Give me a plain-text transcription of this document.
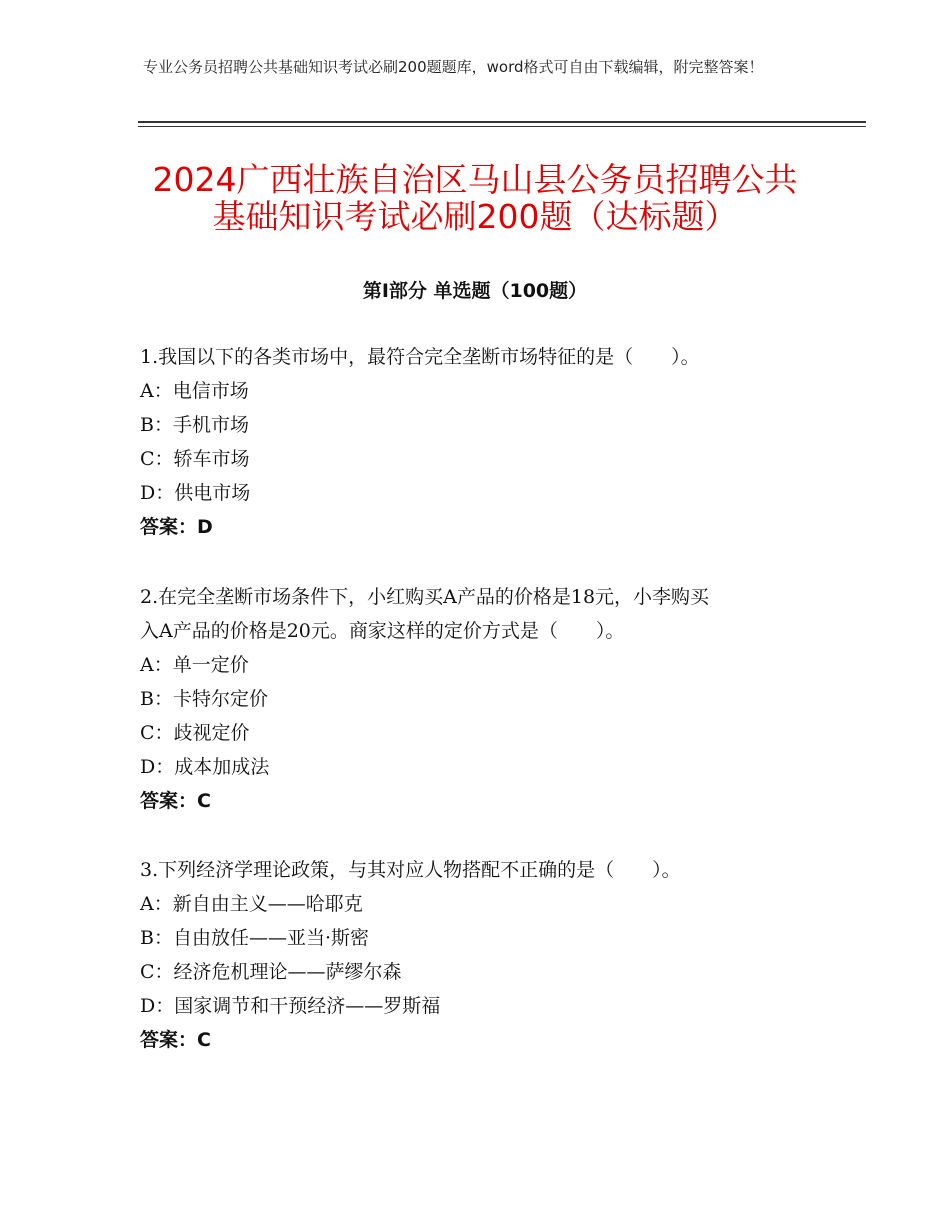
专业公务员招聘公共基础知识考试必刷200题题库，word格式可自由下载编辑，附完整答案！
2024广西壮族自治区马山县公务员招聘公共
基础知识考试必刷200题（达标题）
第Ⅰ部分 单选题（100题）

1.我国以下的各类市场中，最符合完全垄断市场特征的是（　　）。

A：电信市场

B：手机市场

C：轿车市场

D：供电市场

答案：D

2.在完全垄断市场条件下，小红购买A产品的价格是18元，小李购买

入A产品的价格是20元。商家这样的定价方式是（　　）。

A：单一定价

B：卡特尔定价

C：歧视定价

D：成本加成法

答案：C

3.下列经济学理论政策，与其对应人物搭配不正确的是（　　）。

A：新自由主义——哈耶克

B：自由放任——亚当·斯密

C：经济危机理论——萨缪尔森

D：国家调节和干预经济——罗斯福

答案：C
